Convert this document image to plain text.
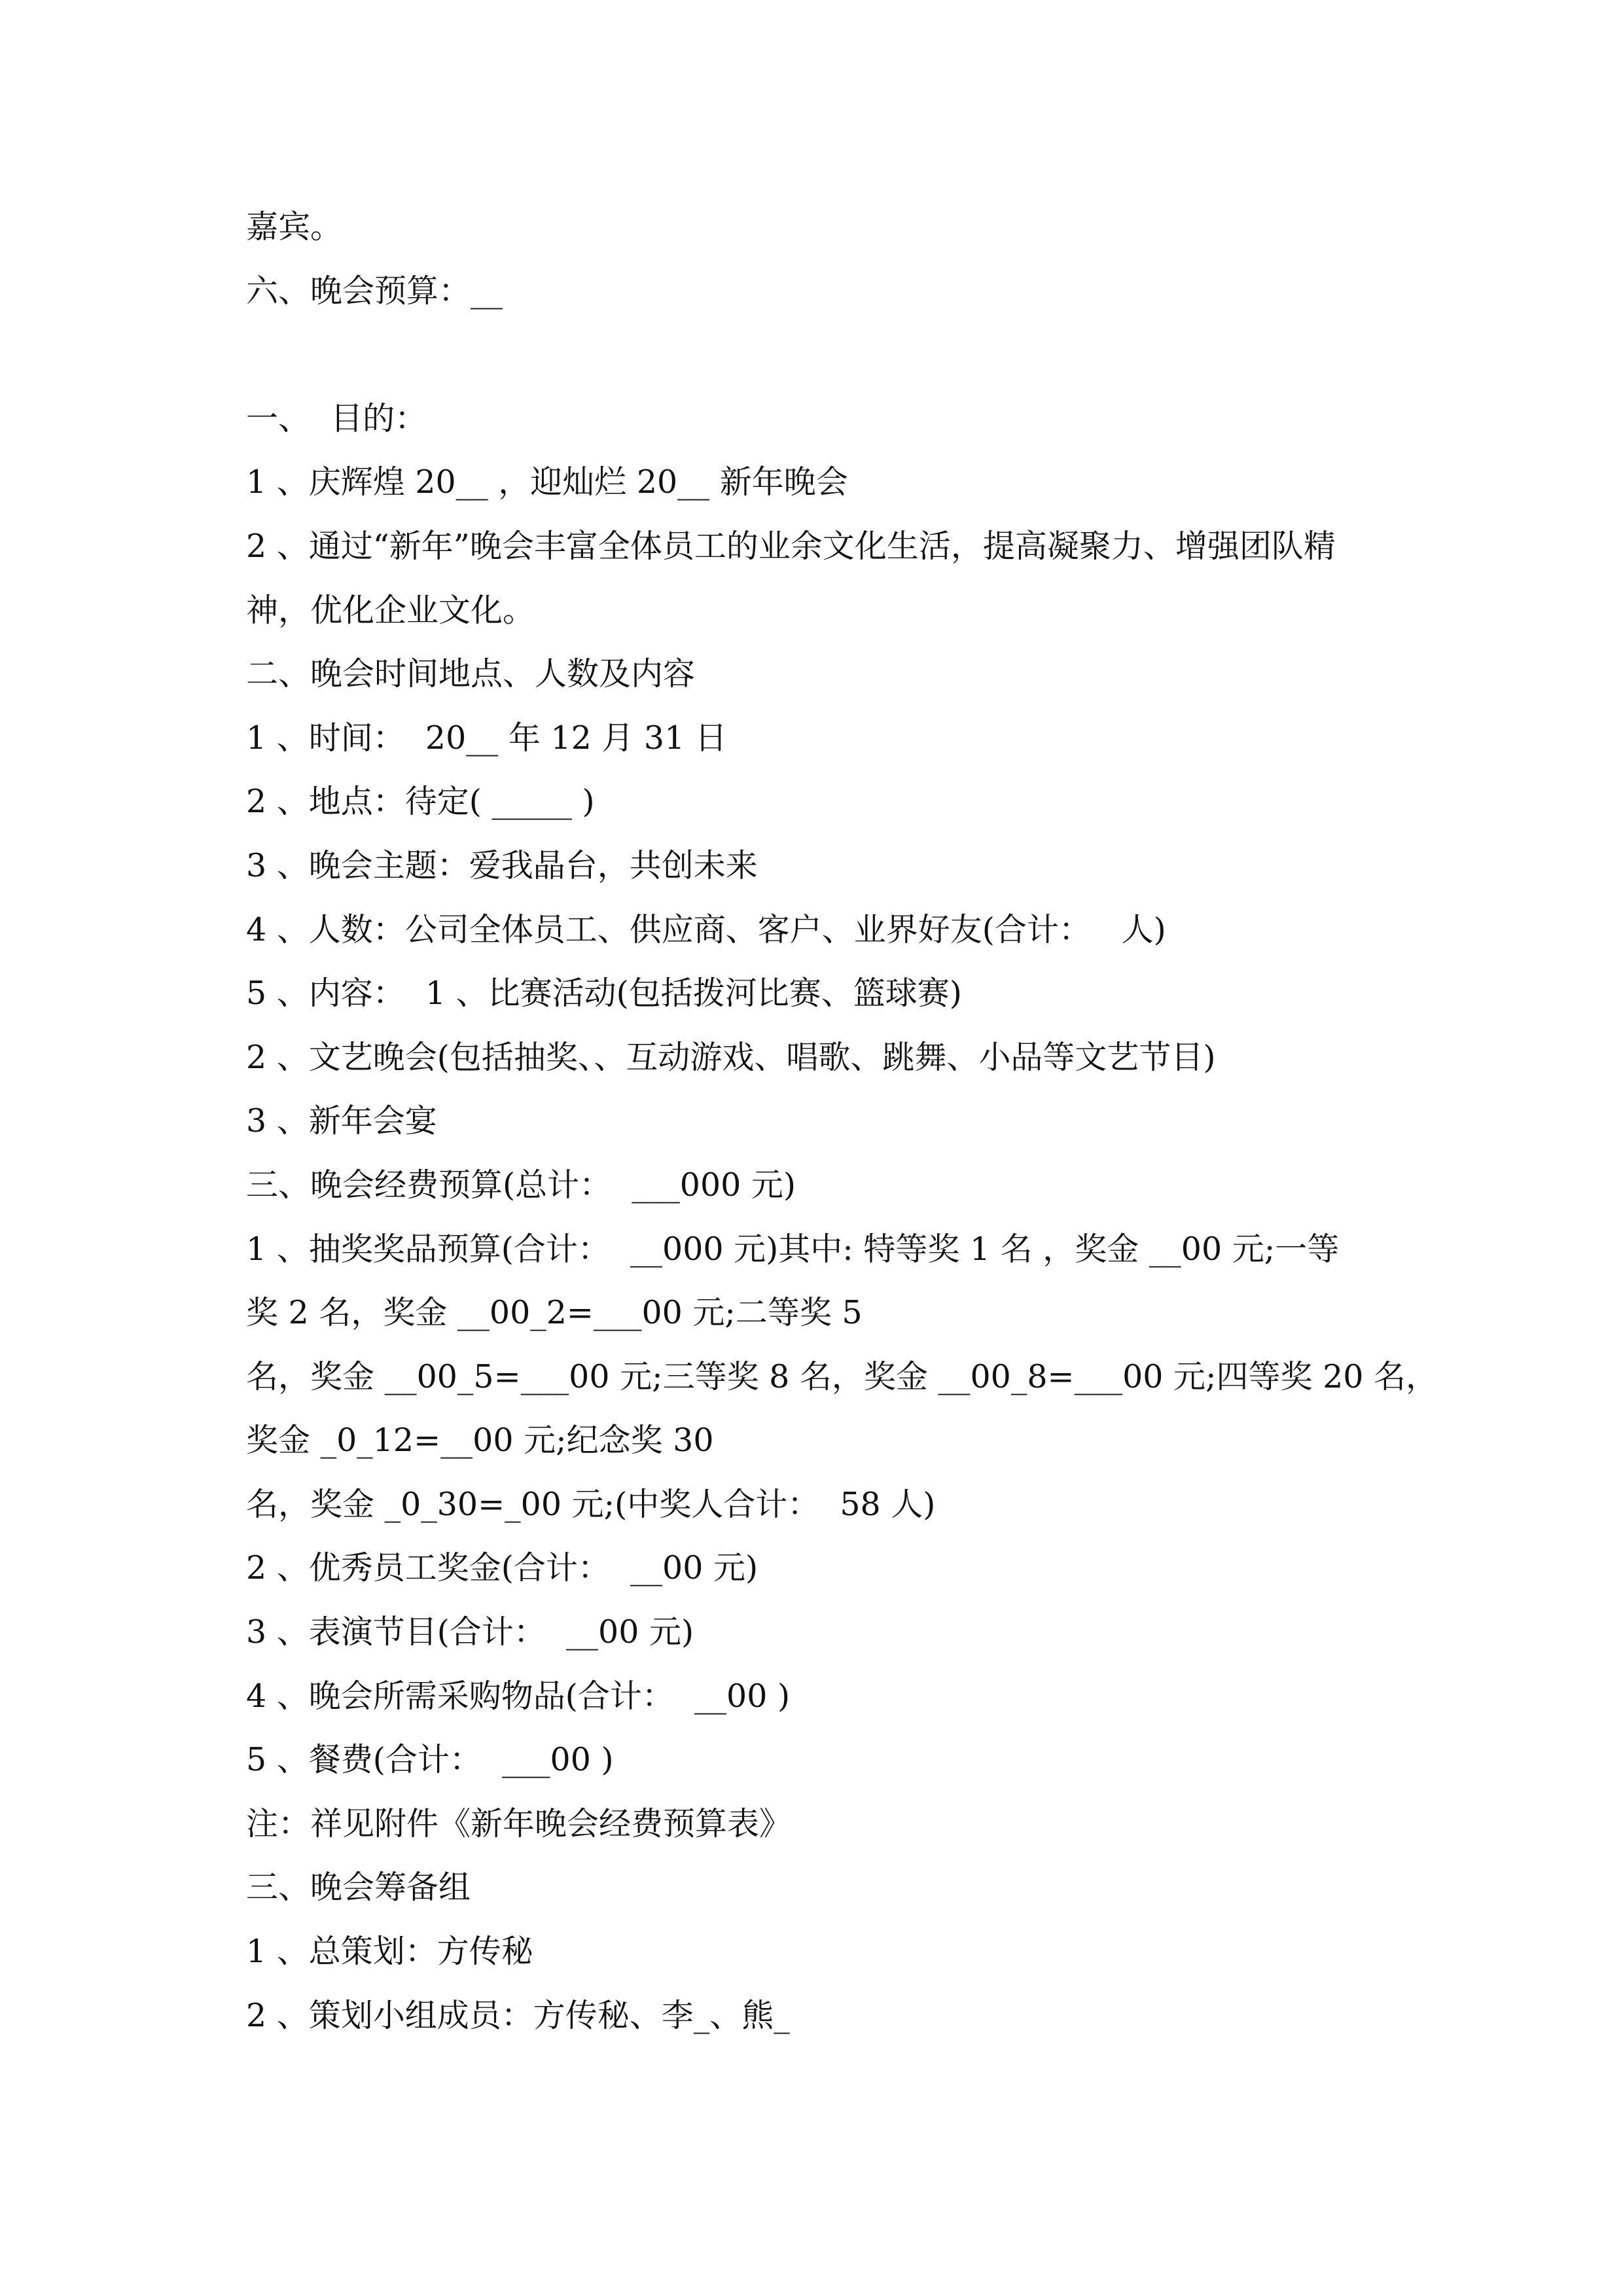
嘉宾。
六、晚会预算：__
一、  目的：
1 、庆辉煌 20__ ，迎灿烂 20__ 新年晚会
2 、通过“新年”晚会丰富全体员工的业余文化生活，提高凝聚力、增强团队精
神，优化企业文化。
二、晚会时间地点、人数及内容
1 、时间：  20__ 年 12 月 31 日
2 、地点：待定( _____ )
3 、晚会主题：爱我晶台，共创未来
4 、人数：公司全体员工、供应商、客户、业界好友(合计：   人)
5 、内容：  1 、比赛活动(包括拨河比赛、篮球赛)
2 、文艺晚会(包括抽奖、、互动游戏、唱歌、跳舞、小品等文艺节目)
3 、新年会宴
三、晚会经费预算(总计：  ___000 元)
1 、抽奖奖品预算(合计：  __000 元)其中: 特等奖 1 名 ，奖金 __00 元;一等
奖 2 名，奖金 __00_2=___00 元;二等奖 5
名，奖金 __00_5=___00 元;三等奖 8 名，奖金 __00_8=___00 元;四等奖 20 名，
奖金 _0_12=__00 元;纪念奖 30
名，奖金 _0_30=_00 元;(中奖人合计：  58 人)
2 、优秀员工奖金(合计：  __00 元)
3 、表演节目(合计：  __00 元)
4 、晚会所需采购物品(合计：  __00 )
5 、餐费(合计：  ___00 )
注：祥见附件《新年晚会经费预算表》
三、晚会筹备组
1 、总策划：方传秘
2 、策划小组成员：方传秘、李_、熊_
